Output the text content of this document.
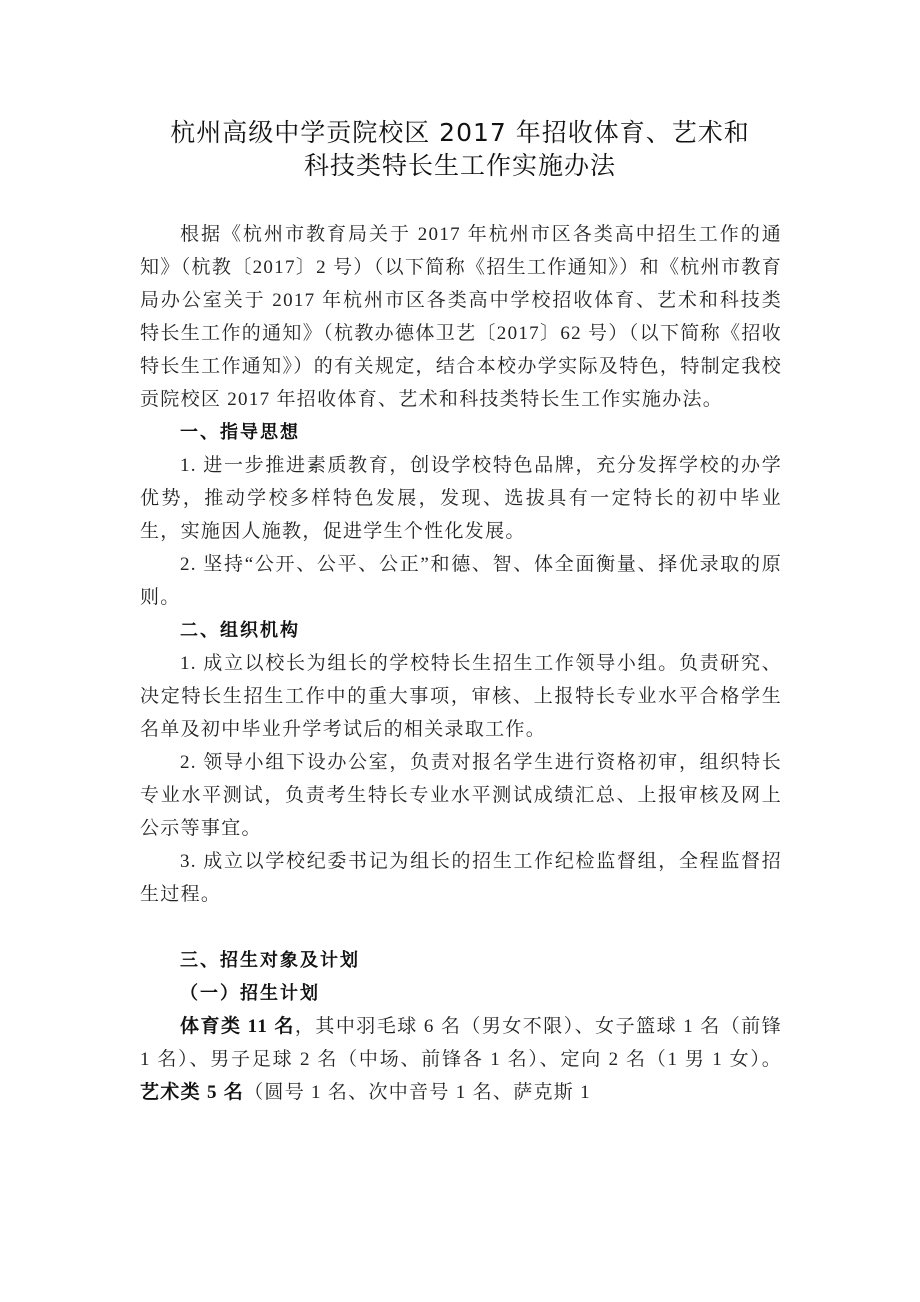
杭州高级中学贡院校区 2017 年招收体育、艺术和
科技类特长生工作实施办法

根据《杭州市教育局关于 2017 年杭州市区各类高中招生工作的通知》（杭教〔2017〕2 号）（以下简称《招生工作通知》）和《杭州市教育局办公室关于 2017 年杭州市区各类高中学校招收体育、艺术和科技类特长生工作的通知》（杭教办德体卫艺〔2017〕62 号）（以下简称《招收特长生工作通知》）的有关规定，结合本校办学实际及特色，特制定我校贡院校区 2017 年招收体育、艺术和科技类特长生工作实施办法。

一、指导思想

1. 进一步推进素质教育，创设学校特色品牌，充分发挥学校的办学优势，推动学校多样特色发展，发现、选拔具有一定特长的初中毕业生，实施因人施教，促进学生个性化发展。

2. 坚持“公开、公平、公正”和德、智、体全面衡量、择优录取的原则。

二、组织机构

1. 成立以校长为组长的学校特长生招生工作领导小组。负责研究、决定特长生招生工作中的重大事项，审核、上报特长专业水平合格学生名单及初中毕业升学考试后的相关录取工作。

2. 领导小组下设办公室，负责对报名学生进行资格初审，组织特长专业水平测试，负责考生特长专业水平测试成绩汇总、上报审核及网上公示等事宜。

3. 成立以学校纪委书记为组长的招生工作纪检监督组，全程监督招生过程。

三、招生对象及计划

（一）招生计划

体育类 11 名，其中羽毛球 6 名（男女不限）、女子篮球 1 名（前锋 1 名）、男子足球 2 名（中场、前锋各 1 名）、定向 2 名（1 男 1 女）。艺术类 5 名（圆号 1 名、次中音号 1 名、萨克斯 1
